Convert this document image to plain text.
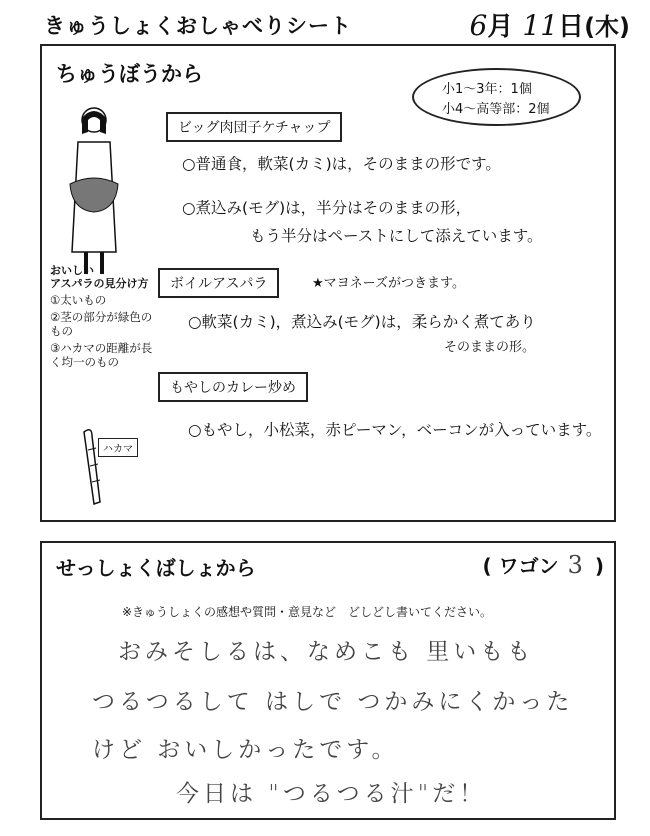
きゅうしょくおしゃべりシート	6月 11日(木)
ちゅうぼうから
小1〜3年：1個
小4〜高等部：2個
ビッグ肉団子ケチャップ
○普通食，軟菜(カミ)は，そのままの形です。
○煮込み(モグ)は，半分はそのままの形，
もう半分はペーストにして添えています。
ボイルアスパラ	★マヨネーズがつきます。
○軟菜(カミ)，煮込み(モグ)は，柔らかく煮てあり
そのままの形。
もやしのカレー炒め
○もやし，小松菜，赤ピーマン，ベーコンが入っています。
おいしい
アスパラの見分け方
①太いもの
②茎の部分が緑色のもの
③ハカマの距離が長く均一のもの
ハカマ
せっしょくばしょから	( ワゴン 3 )
※きゅうしょくの感想や質問・意見など　どしどし書いてください。
おみそしるは、なめこも 里いもも
つるつるして はしで つかみにくかった
けど おいしかったです。
今日は "つるつる汁"だ！
